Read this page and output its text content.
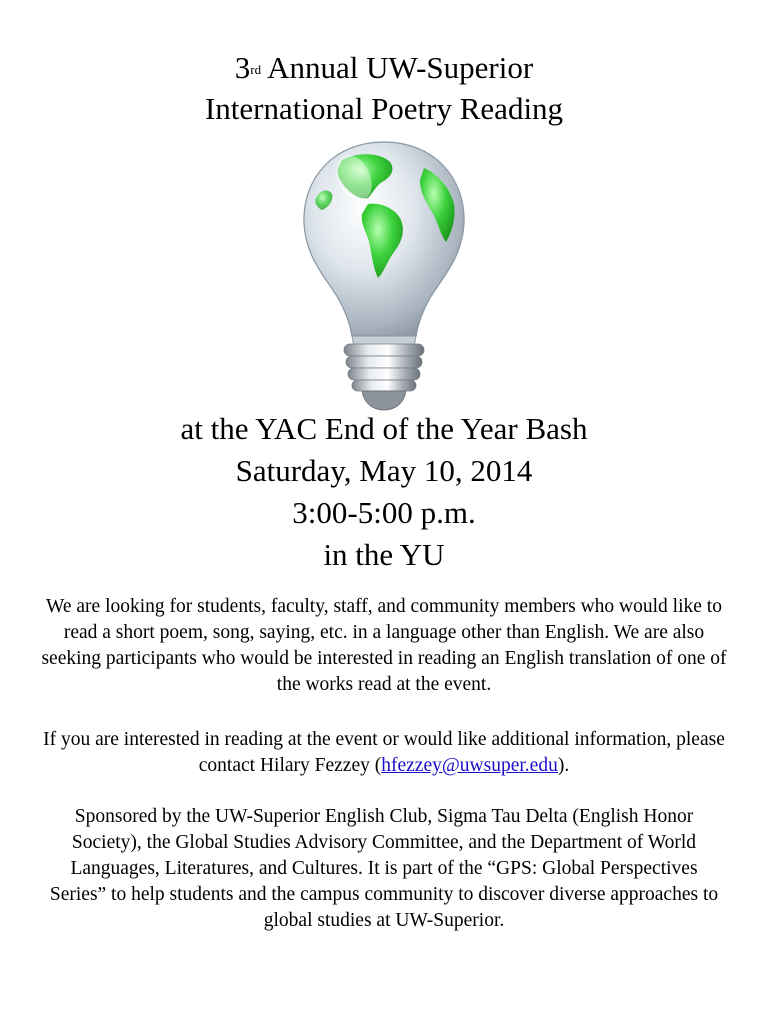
3rd Annual UW-Superior
International Poetry Reading
at the YAC End of the Year Bash
Saturday, May 10, 2014
3:00-5:00 p.m.
in the YU
We are looking for students, faculty, staff, and community members who would like to read a short poem, song, saying, etc. in a language other than English. We are also seeking participants who would be interested in reading an English translation of one of the works read at the event.
If you are interested in reading at the event or would like additional information, please contact Hilary Fezzey (hfezzey@uwsuper.edu).
Sponsored by the UW-Superior English Club, Sigma Tau Delta (English Honor Society), the Global Studies Advisory Committee, and the Department of World Languages, Literatures, and Cultures. It is part of the “GPS: Global Perspectives Series” to help students and the campus community to discover diverse approaches to global studies at UW-Superior.
